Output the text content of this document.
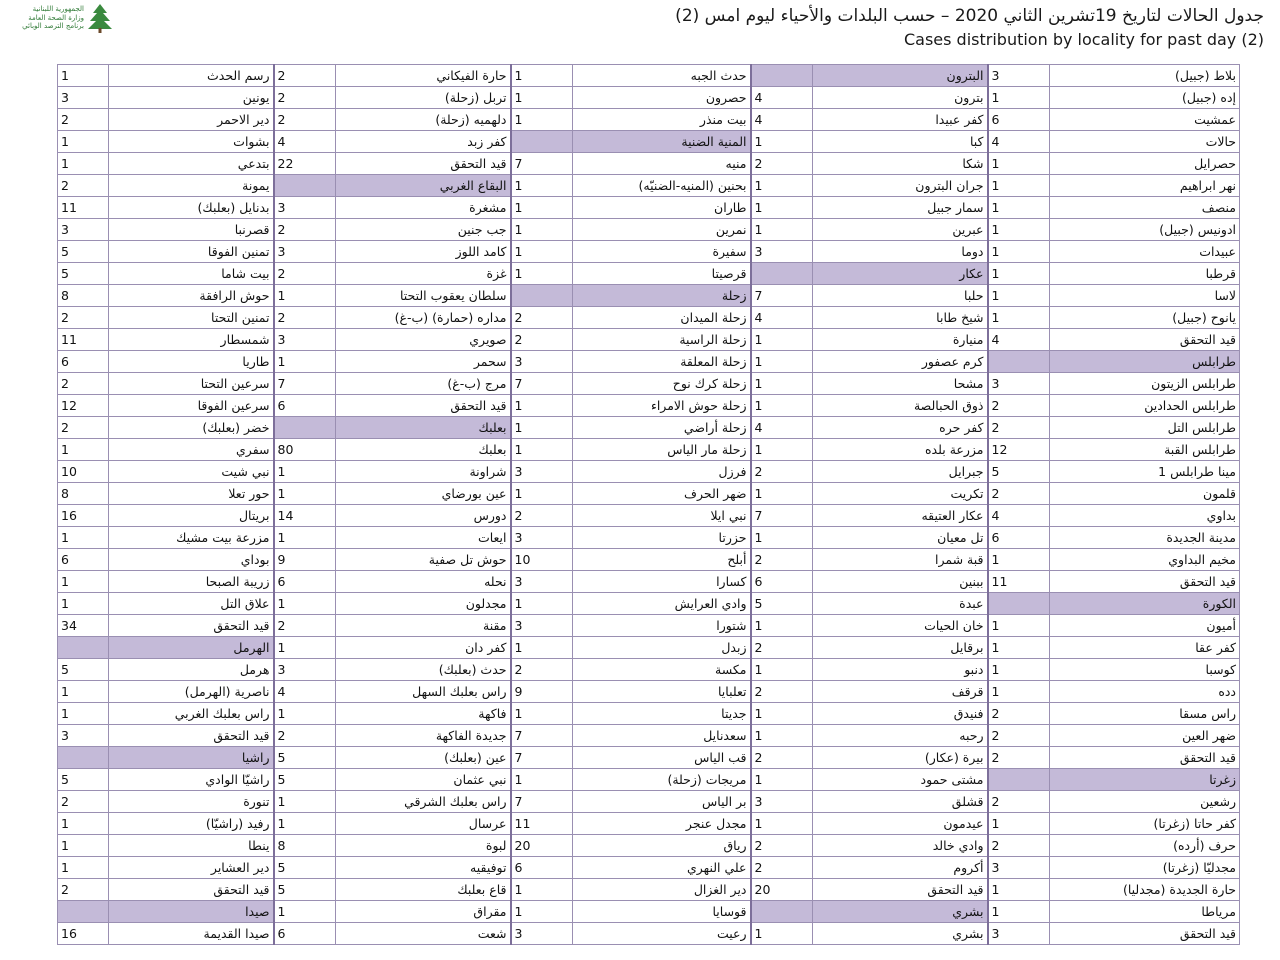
الجمهورية اللبنانية
وزارة الصحة العامة
برنامج الترصد الوبائي	جدول الحالات لتاريخ 19تشرين الثاني 2020 – حسب البلدات والأحياء ليوم امس (2)
Cases distribution by locality for past day (2)
بلاط (جبيل)	3	البترون		حدث الجبه	1	حارة الفيكاني	2	رسم الحدث	1
إده (جبيل)	1	بترون	4	حصرون	1	تربل (زحلة)	2	يونين	3
عمشيت	6	كفر عبيدا	4	بيت منذر	1	دلهميه (زحلة)	2	دير الاحمر	2
حالات	4	كبا	1	المنية الضنية		كفر زبد	4	بشوات	1
حصرايل	1	شكا	2	منيه	7	قيد التحقق	22	بتدعي	1
نهر ابراهيم	1	جران البترون	1	بحنين (المنيه-الضنيّه)	1	البقاع الغربي		يمونة	2
منصف	1	سمار جبيل	1	طاران	1	مشغرة	3	بدنايل (بعلبك)	11
ادونيس (جبيل)	1	عبرين	1	نمرين	1	جب جنين	2	قصرنبا	3
عبيدات	1	دوما	3	سفيرة	1	كامد اللوز	3	تمنين الفوقا	5
قرطبا	1	عكار		قرصيتا	1	غزة	2	بيت شاما	5
لاسا	1	حلبا	7	زحلة		سلطان يعقوب التحتا	1	حوش الرافقة	8
يانوح (جبيل)	1	شيخ طابا	4	زحلة الميدان	2	مداره (حمارة) (ب-غ)	2	تمنين التحتا	2
قيد التحقق	4	منيارة	1	زحلة الراسية	2	صويري	3	شمسطار	11
طرابلس		كرم عصفور	1	زحلة المعلقة	3	سحمر	1	طاريا	6
طرابلس الزيتون	3	مشحا	1	زحلة كرك نوح	7	مرج (ب-غ)	7	سرعين التحتا	2
طرابلس الحدادين	2	ذوق الحبالصة	1	زحلة حوش الامراء	1	قيد التحقق	6	سرعين الفوقا	12
طرابلس التل	2	كفر حره	4	زحلة أراضي	1	بعلبك		خضر (بعلبك)	2
طرابلس القبة	12	مزرعة بلده	1	زحلة مار الياس	1	بعلبك	80	سفري	1
مينا طرابلس 1	5	جبرايل	2	فرزل	3	شراونة	1	نبي شيت	10
قلمون	2	تكريت	1	ضهر الحرف	1	عين بورضاي	1	حور تعلا	8
بداوي	4	عكار العتيقه	7	نبي ايلا	2	دورس	14	بريتال	16
مدينة الجديدة	6	تل معيان	1	حزرتا	3	ايعات	1	مزرعة بيت مشيك	1
مخيم البداوي	1	قبة شمرا	2	أبلح	10	حوش تل صفية	9	بوداي	6
قيد التحقق	11	ببنين	6	كسارا	3	نحله	6	زريبة الصبحا	1
الكورة		عبدة	5	وادي العرايش	1	مجدلون	1	علاق التل	1
أميون	1	خان الحيات	1	شتورا	3	مقنة	2	قيد التحقق	34
كفر عقا	1	برقايل	2	زبدل	1	كفر دان	1	الهرمل	
كوسبا	1	دنبو	1	مكسة	2	حدث (بعلبك)	3	هرمل	5
دده	1	قرقف	2	تعلبايا	9	راس بعلبك السهل	4	ناصرية (الهرمل)	1
راس مسقا	2	فنيدق	1	جديتا	1	فاكهة	1	راس بعلبك الغربي	1
ضهر العين	2	رحبه	1	سعدنايل	7	جديدة الفاكهة	2	قيد التحقق	3
قيد التحقق	2	بيرة (عكار)	2	قب الياس	7	عين (بعلبك)	5	راشيا	
زغرتا		مشتى حمود	1	مريجات (زحلة)	1	نبي عثمان	5	راشيّا الوادي	5
رشعين	2	قشلق	3	بر الياس	7	راس بعلبك الشرقي	1	تنورة	2
كفر حاتا (زغرتا)	1	عيدمون	1	مجدل عنجر	11	عرسال	1	رفيد (راشيّا)	1
حرف (أرده)	2	وادي خالد	2	رياق	20	لبوة	8	ينطا	1
مجدليّا (زغرتا)	3	أكروم	2	علي النهري	6	توفيقيه	5	دير العشاير	1
حارة الجديدة (مجدليا)	1	قيد التحقق	20	دير الغزال	1	قاع بعلبك	5	قيد التحقق	2
مرياطا	1	بشري		قوسايا	1	مقراق	1	صيدا	
قيد التحقق	3	بشري	1	رعيت	3	شعت	6	صيدا القديمة	16
